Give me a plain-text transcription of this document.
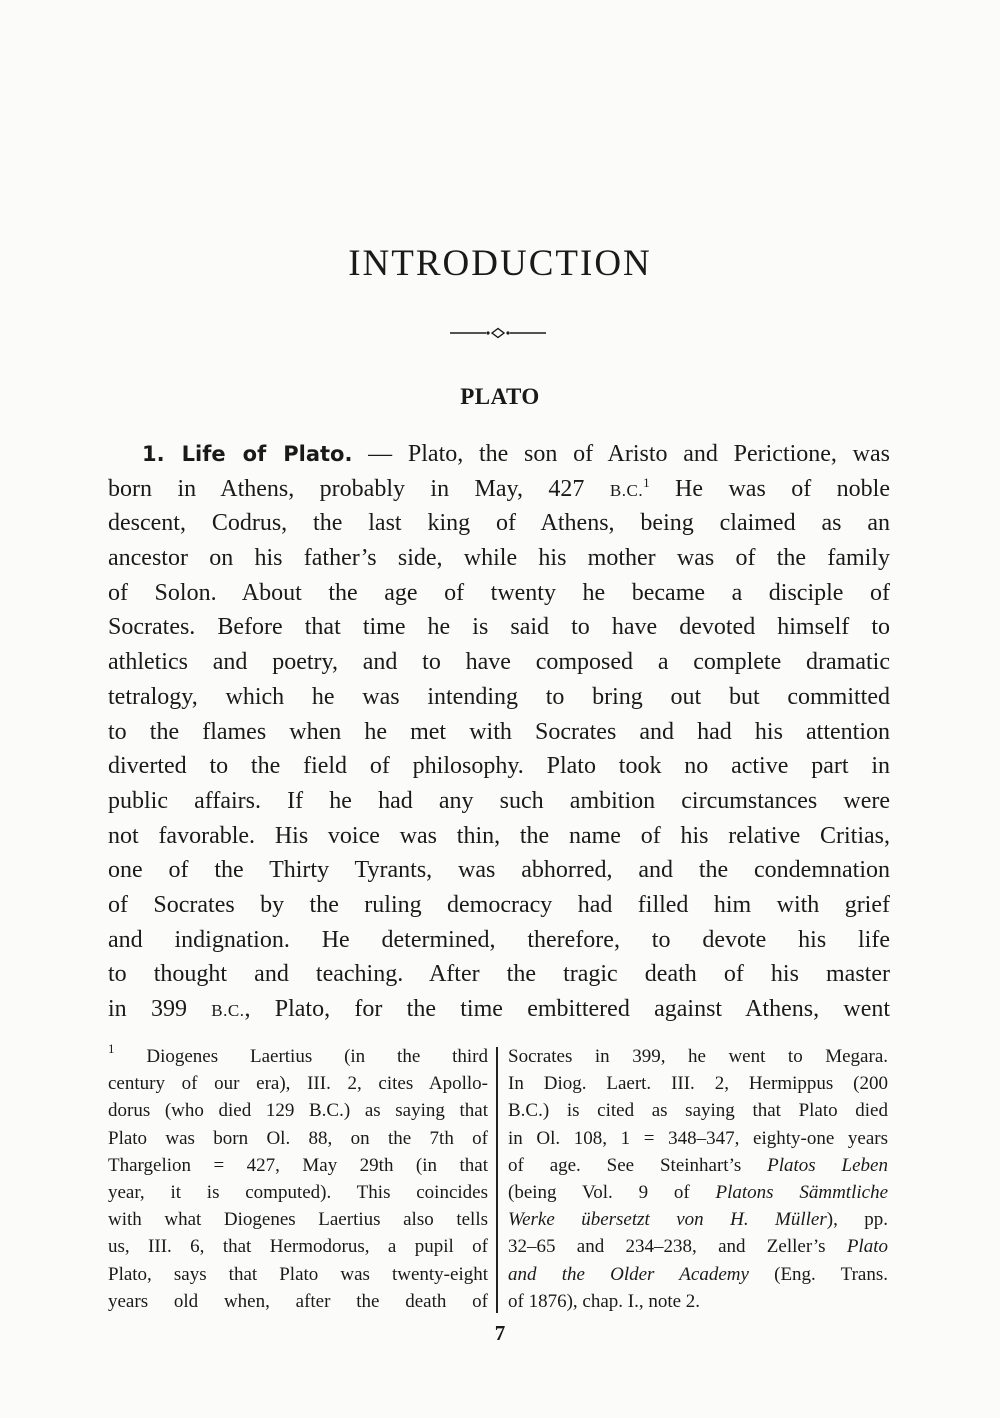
INTRODUCTION
PLATO
1. Life of Plato. — Plato, the son of Aristo and Perictione, was
born in Athens, probably in May, 427 B.C.$^1$ He was of noble
descent, Codrus, the last king of Athens, being claimed as an
ancestor on his father’s side, while his mother was of the family
of Solon. About the age of twenty he became a disciple of
Socrates. Before that time he is said to have devoted himself to
athletics and poetry, and to have composed a complete dramatic
tetralogy, which he was intending to bring out but committed
to the flames when he met with Socrates and had his attention
diverted to the field of philosophy. Plato took no active part in
public affairs. If he had any such ambition circumstances were
not favorable. His voice was thin, the name of his relative Critias,
one of the Thirty Tyrants, was abhorred, and the condemnation
of Socrates by the ruling democracy had filled him with grief
and indignation. He determined, therefore, to devote his life
to thought and teaching. After the tragic death of his master
in 399 B.C., Plato, for the time embittered against Athens, went
$^1$ Diogenes Laertius (in the third
century of our era), III. 2, cites Apollo-
dorus (who died 129 B.C.) as saying that
Plato was born Ol. 88, on the 7th of
Thargelion = 427, May 29th (in that
year, it is computed). This coincides
with what Diogenes Laertius also tells
us, III. 6, that Hermodorus, a pupil of
Plato, says that Plato was twenty-eight
years old when, after the death of
Socrates in 399, he went to Megara.
In Diog. Laert. III. 2, Hermippus (200
B.C.) is cited as saying that Plato died
in Ol. 108, 1 = 348–347, eighty-one years
of age. See Steinhart’s Platos Leben
(being Vol. 9 of Platons Sämmtliche
Werke übersetzt von H. Müller), pp.
32–65 and 234–238, and Zeller’s Plato
and the Older Academy (Eng. Trans.
of 1876), chap. I., note 2.

7
